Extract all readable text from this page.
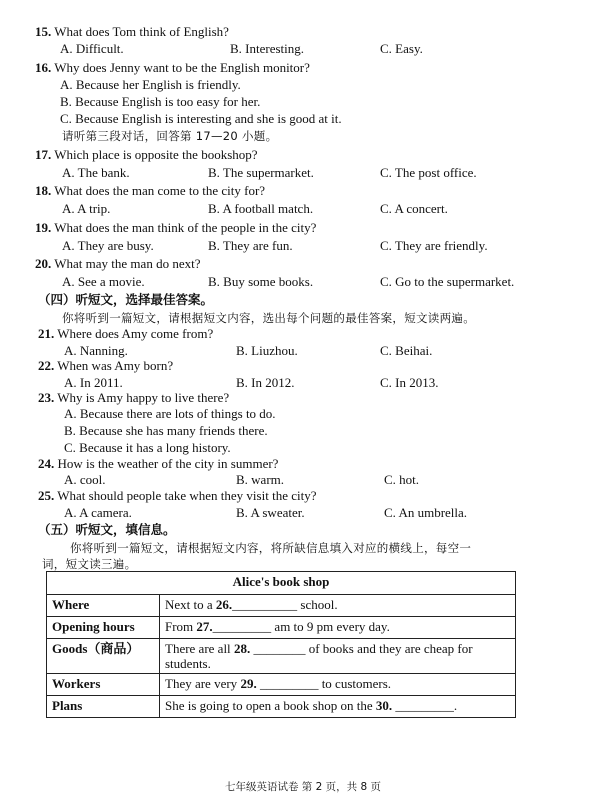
15. What does Tom think of English?
A. Difficult.	B. Interesting.	C. Easy.
16. Why does Jenny want to be the English monitor?
A. Because her English is friendly.
B. Because English is too easy for her.
C. Because English is interesting and she is good at it.
请听第三段对话，回答第 17—20 小题。
17. Which place is opposite the bookshop?
A. The bank.	B. The supermarket.	C. The post office.
18. What does the man come to the city for?
A. A trip.	B. A football match.	C. A concert.
19. What does the man think of the people in the city?
A. They are busy.	B. They are fun.	C. They are friendly.
20. What may the man do next?
A. See a movie.	B. Buy some books.	C. Go to the supermarket.
（四）听短文，选择最佳答案。
你将听到一篇短文，请根据短文内容，选出每个问题的最佳答案，短文读两遍。
21. Where does Amy come from?
A. Nanning.	B. Liuzhou.	C. Beihai.
22. When was Amy born?
A. In 2011.	B. In 2012.	C. In 2013.
23. Why is Amy happy to live there?
A. Because there are lots of things to do.
B. Because she has many friends there.
C. Because it has a long history.
24. How is the weather of the city in summer?
A. cool.	B. warm.	C. hot.
25. What should people take when they visit the city?
A. A camera.	B. A sweater.	C. An umbrella.
（五）听短文，填信息。
你将听到一篇短文，请根据短文内容，将所缺信息填入对应的横线上，每空一
词，短文读三遍。
Alice's book shop	
Where	Next to a 26.__________ school.
Opening hours	From 27._________ am to 9 pm every day.
Goods（商品）	There are all 28. ________ of books and they are cheap for students.
Workers	They are very 29. _________ to customers.
Plans	She is going to open a book shop on the 30. _________.
七年级英语试卷 第 2 页，共 8 页
